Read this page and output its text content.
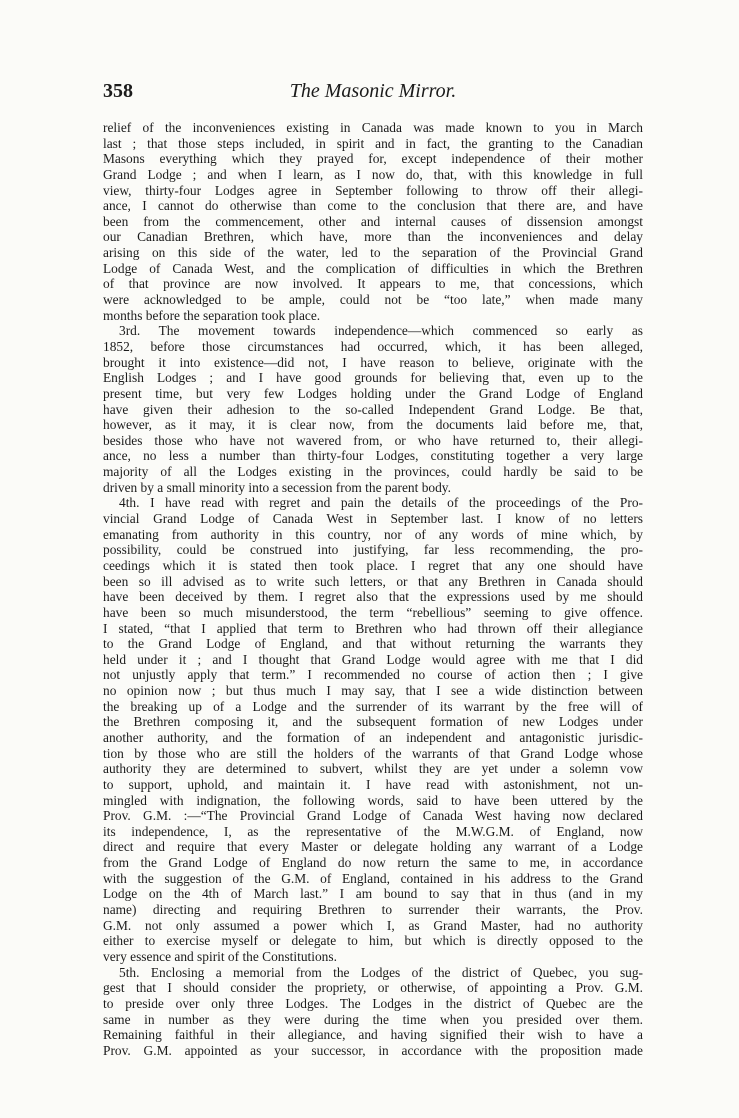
358	The Masonic Mirror.

relief of the inconveniences existing in Canada was made known to you in March
last ; that those steps included, in spirit and in fact, the granting to the Canadian
Masons everything which they prayed for, except independence of their mother
Grand Lodge ; and when I learn, as I now do, that, with this knowledge in full
view, thirty-four Lodges agree in September following to throw off their allegi-
ance, I cannot do otherwise than come to the conclusion that there are, and have
been from the commencement, other and internal causes of dissension amongst
our Canadian Brethren, which have, more than the inconveniences and delay
arising on this side of the water, led to the separation of the Provincial Grand
Lodge of Canada West, and the complication of difficulties in which the Brethren
of that province are now involved. It appears to me, that concessions, which
were acknowledged to be ample, could not be “too late,” when made many
months before the separation took place.

3rd. The movement towards independence—which commenced so early as
1852, before those circumstances had occurred, which, it has been alleged,
brought it into existence—did not, I have reason to believe, originate with the
English Lodges ; and I have good grounds for believing that, even up to the
present time, but very few Lodges holding under the Grand Lodge of England
have given their adhesion to the so-called Independent Grand Lodge. Be that,
however, as it may, it is clear now, from the documents laid before me, that,
besides those who have not wavered from, or who have returned to, their allegi-
ance, no less a number than thirty-four Lodges, constituting together a very large
majority of all the Lodges existing in the provinces, could hardly be said to be
driven by a small minority into a secession from the parent body.

4th. I have read with regret and pain the details of the proceedings of the Pro-
vincial Grand Lodge of Canada West in September last. I know of no letters
emanating from authority in this country, nor of any words of mine which, by
possibility, could be construed into justifying, far less recommending, the pro-
ceedings which it is stated then took place. I regret that any one should have
been so ill advised as to write such letters, or that any Brethren in Canada should
have been deceived by them. I regret also that the expressions used by me should
have been so much misunderstood, the term “rebellious” seeming to give offence.
I stated, “that I applied that term to Brethren who had thrown off their allegiance
to the Grand Lodge of England, and that without returning the warrants they
held under it ; and I thought that Grand Lodge would agree with me that I did
not unjustly apply that term.” I recommended no course of action then ; I give
no opinion now ; but thus much I may say, that I see a wide distinction between
the breaking up of a Lodge and the surrender of its warrant by the free will of
the Brethren composing it, and the subsequent formation of new Lodges under
another authority, and the formation of an independent and antagonistic jurisdic-
tion by those who are still the holders of the warrants of that Grand Lodge whose
authority they are determined to subvert, whilst they are yet under a solemn vow
to support, uphold, and maintain it. I have read with astonishment, not un-
mingled with indignation, the following words, said to have been uttered by the
Prov. G.M. :—“The Provincial Grand Lodge of Canada West having now declared
its independence, I, as the representative of the M.W.G.M. of England, now
direct and require that every Master or delegate holding any warrant of a Lodge
from the Grand Lodge of England do now return the same to me, in accordance
with the suggestion of the G.M. of England, contained in his address to the Grand
Lodge on the 4th of March last.” I am bound to say that in thus (and in my
name) directing and requiring Brethren to surrender their warrants, the Prov.
G.M. not only assumed a power which I, as Grand Master, had no authority
either to exercise myself or delegate to him, but which is directly opposed to the
very essence and spirit of the Constitutions.

5th. Enclosing a memorial from the Lodges of the district of Quebec, you sug-
gest that I should consider the propriety, or otherwise, of appointing a Prov. G.M.
to preside over only three Lodges. The Lodges in the district of Quebec are the
same in number as they were during the time when you presided over them.
Remaining faithful in their allegiance, and having signified their wish to have a
Prov. G.M. appointed as your successor, in accordance with the proposition made
